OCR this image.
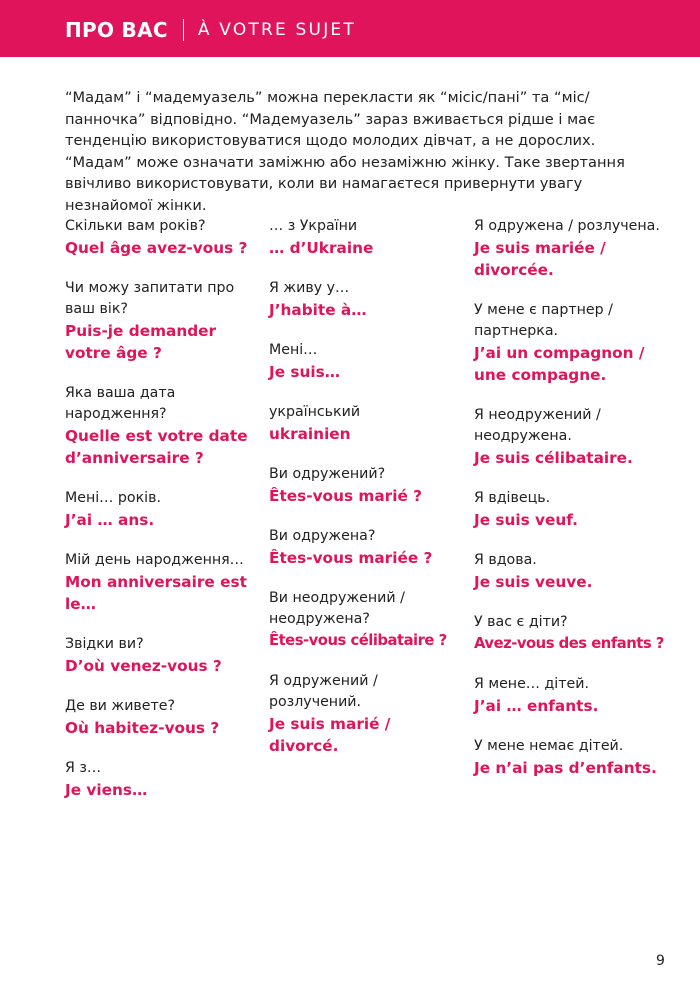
ПРО ВАС À VOTRE SUJET
“Мадам” і “мадемуазель” можна перекласти як “місіс/пані” та “міс/панночка” відповідно. “Мадемуазель” зараз вживається рідше і має тенденцію використовуватися щодо молодих дівчат, а не дорослих. “Мадам” може означати заміжню або незаміжню жінку. Таке звертання ввічливо використовувати, коли ви намагаєтеся привернути увагу незнайомої жінки.
Скільки вам років?
Quel âge avez-vous ?
Чи можу запитати про ваш вік?
Puis-je demander votre âge ?
Яка ваша дата народження?
Quelle est votre date d’anniversaire ?
Мені… років.
J’ai … ans.
Мій день народження…
Mon anniversaire est le…
Звідки ви?
D’où venez-vous ?
Де ви живете?
Où habitez-vous ?
Я з…
Je viens…
… з України
… d’Ukraine
Я живу у…
J’habite à…
Мені…
Je suis…
український
ukrainien
Ви одружений?
Êtes-vous marié ?
Ви одружена?
Êtes-vous mariée ?
Ви неодружений / неодружена?
Êtes-vous célibataire ?
Я одружений / розлучений.
Je suis marié / divorcé.
Я одружена / розлучена.
Je suis mariée / divorcée.
У мене є партнер / партнерка.
J’ai un compagnon / une compagne.
Я неодружений / неодружена.
Je suis célibataire.
Я вдівець.
Je suis veuf.
Я вдова.
Je suis veuve.
У вас є діти?
Avez-vous des enfants ?
Я мене… дітей.
J’ai … enfants.
У мене немає дітей.
Je n’ai pas d’enfants.
9
